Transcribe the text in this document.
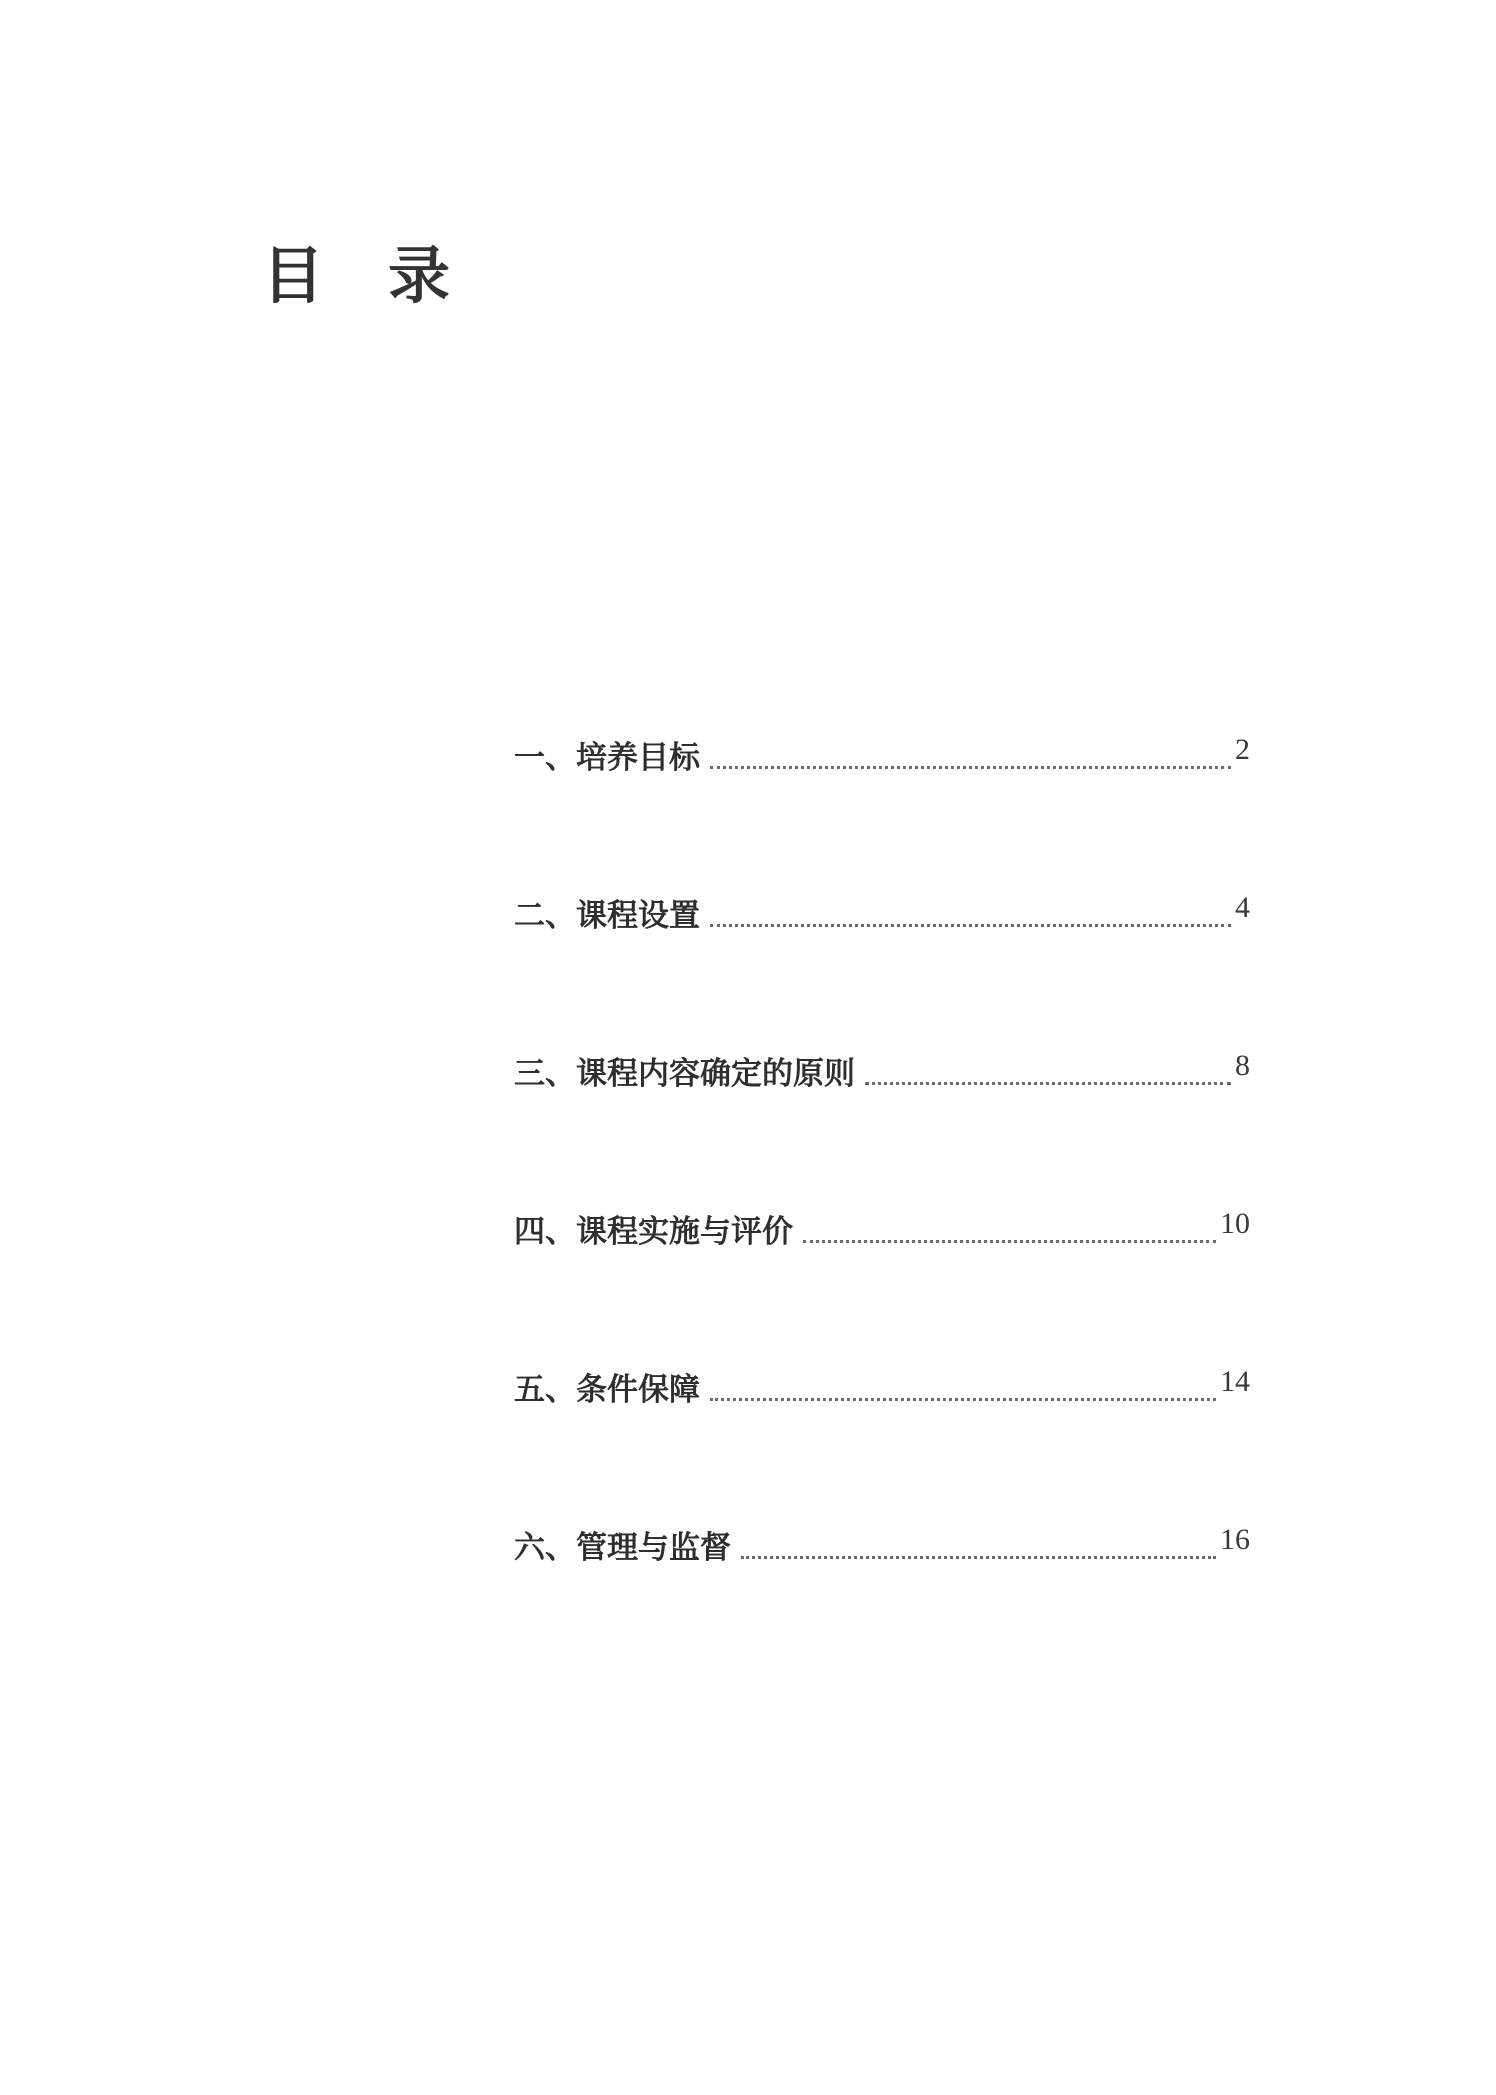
目 录
一、 培养目标	2
二、 课程设置	4
三、 课程内容确定的原则	8
四、 课程实施与评价	10
五、 条件保障	14
六、 管理与监督	16
